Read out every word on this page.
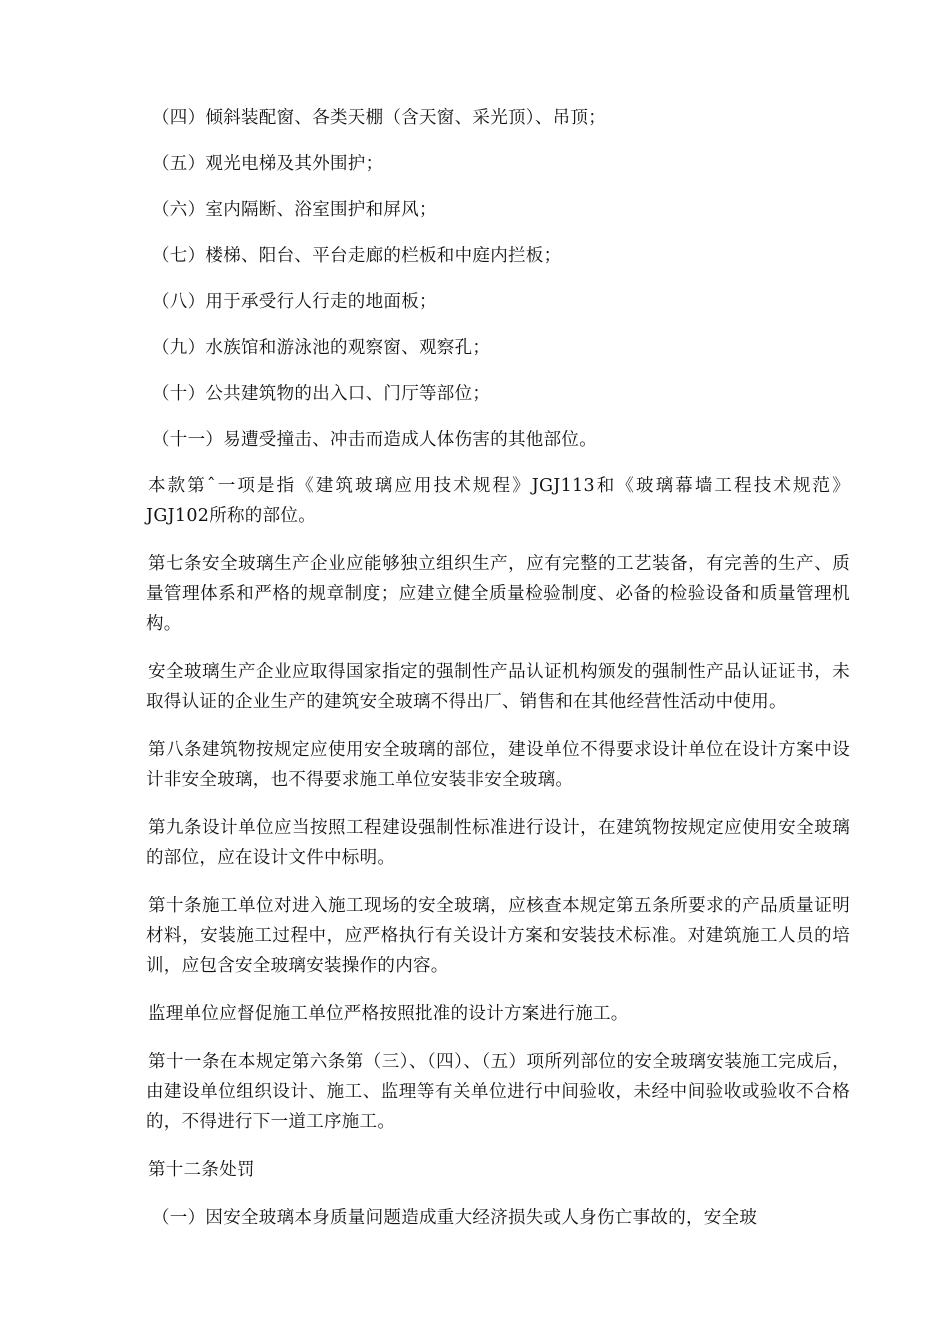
（四）倾斜装配窗、各类天棚（含天窗、采光顶）、吊顶；

（五）观光电梯及其外围护；

（六）室内隔断、浴室围护和屏风；

（七）楼梯、阳台、平台走廊的栏板和中庭内拦板；

（八）用于承受行人行走的地面板；

（九）水族馆和游泳池的观察窗、观察孔；

（十）公共建筑物的出入口、门厅等部位；

（十一）易遭受撞击、冲击而造成人体伤害的其他部位。

本款第ˆ一项是指《建筑玻璃应用技术规程》JGJ113和《玻璃幕墙工程技术规范》JGJ102所称的部位。

第七条安全玻璃生产企业应能够独立组织生产，应有完整的工艺装备，有完善的生产、质量管理体系和严格的规章制度；应建立健全质量检验制度、必备的检验设备和质量管理机构。

安全玻璃生产企业应取得国家指定的强制性产品认证机构颁发的强制性产品认证证书，未取得认证的企业生产的建筑安全玻璃不得出厂、销售和在其他经营性活动中使用。

第八条建筑物按规定应使用安全玻璃的部位，建设单位不得要求设计单位在设计方案中设计非安全玻璃，也不得要求施工单位安装非安全玻璃。

第九条设计单位应当按照工程建设强制性标准进行设计，在建筑物按规定应使用安全玻璃的部位，应在设计文件中标明。

第十条施工单位对进入施工现场的安全玻璃，应核查本规定第五条所要求的产品质量证明材料，安装施工过程中，应严格执行有关设计方案和安装技术标准。对建筑施工人员的培训，应包含安全玻璃安装操作的内容。

监理单位应督促施工单位严格按照批准的设计方案进行施工。

第十一条在本规定第六条第（三）、（四）、（五）项所列部位的安全玻璃安装施工完成后，由建设单位组织设计、施工、监理等有关单位进行中间验收，未经中间验收或验收不合格的，不得进行下一道工序施工。

第十二条处罚

（一）因安全玻璃本身质量问题造成重大经济损失或人身伤亡事故的，安全玻
